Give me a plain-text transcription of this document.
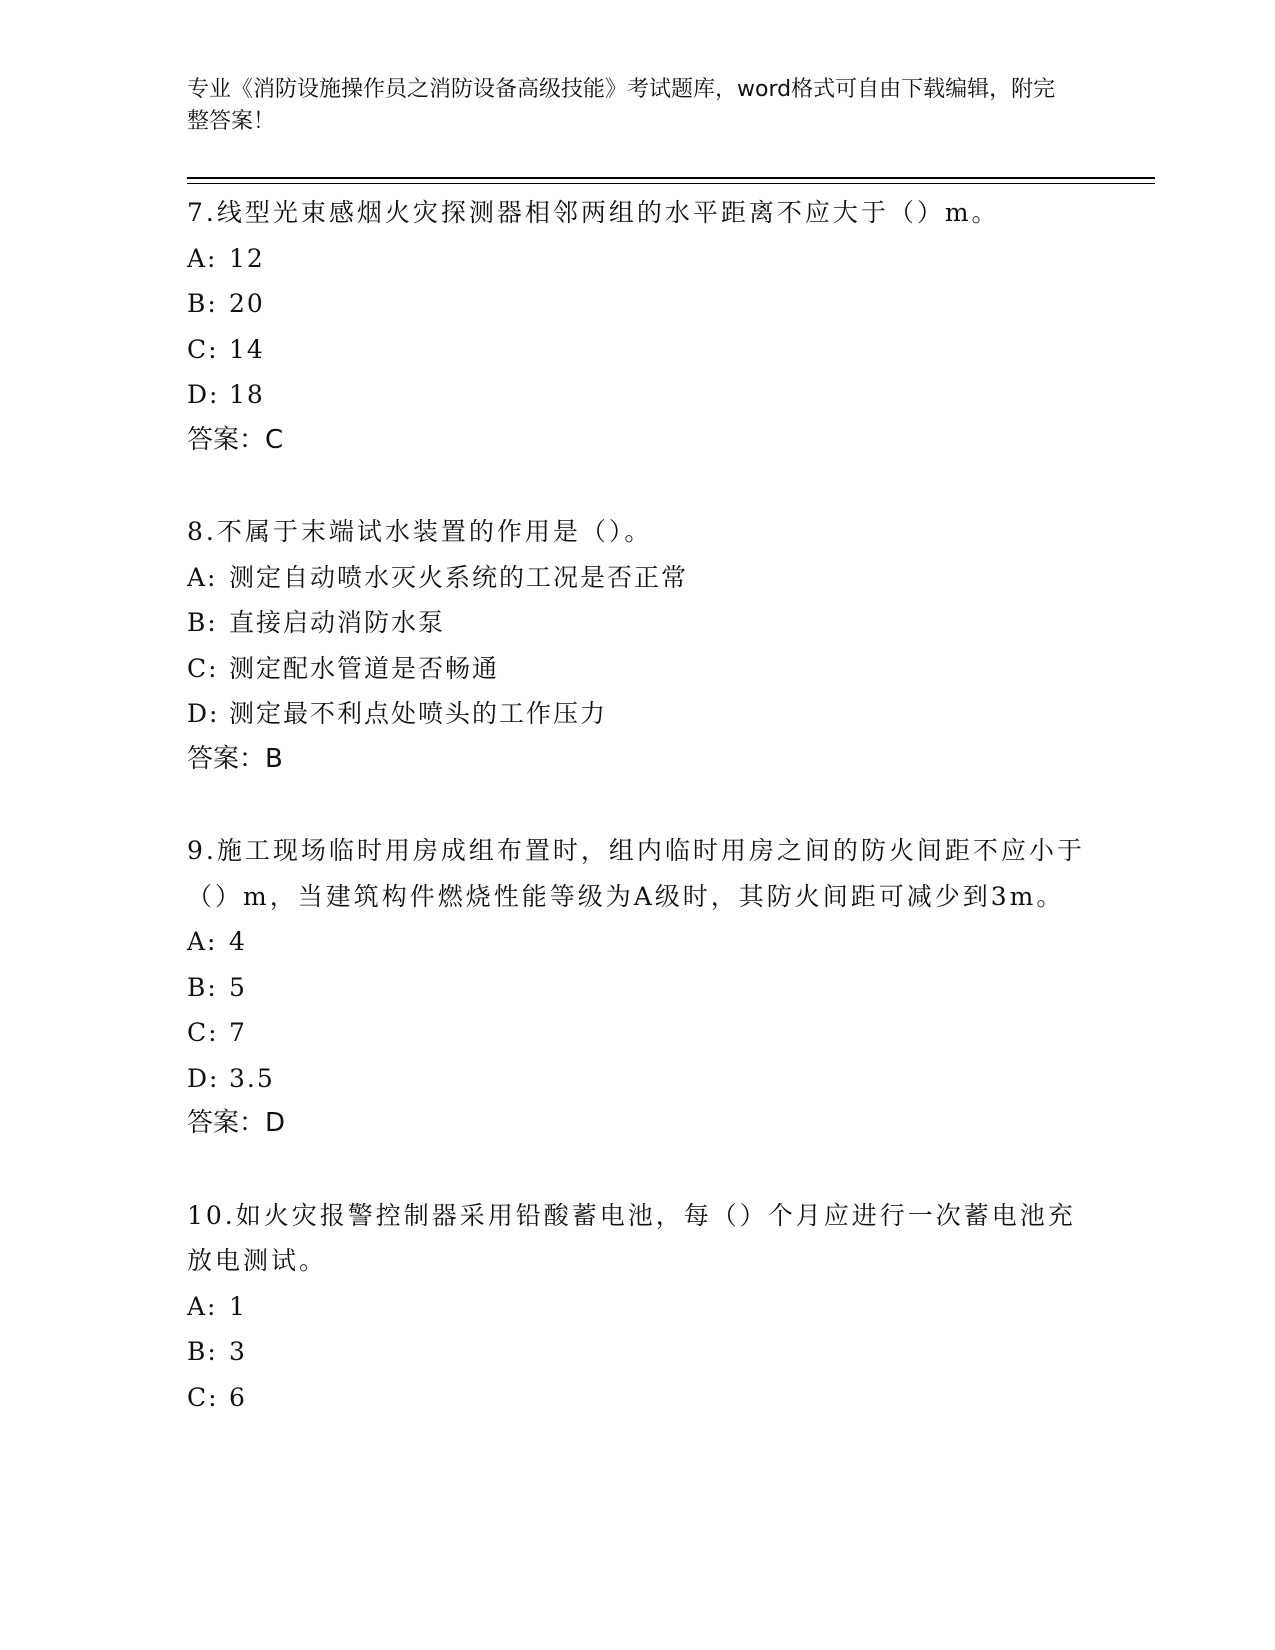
专业《消防设施操作员之消防设备高级技能》考试题库，word格式可自由下载编辑，附完整答案！
7.线型光束感烟火灾探测器相邻两组的水平距离不应大于（）m。
A: 12
B: 20
C: 14
D: 18
答案：C
8.不属于末端试水装置的作用是（）。
A: 测定自动喷水灭火系统的工况是否正常
B: 直接启动消防水泵
C: 测定配水管道是否畅通
D: 测定最不利点处喷头的工作压力
答案：B
9.施工现场临时用房成组布置时，组内临时用房之间的防火间距不应小于（）m，当建筑构件燃烧性能等级为A级时，其防火间距可减少到3m。
A: 4
B: 5
C: 7
D: 3.5
答案：D
10.如火灾报警控制器采用铅酸蓄电池，每（）个月应进行一次蓄电池充放电测试。
A: 1
B: 3
C: 6
